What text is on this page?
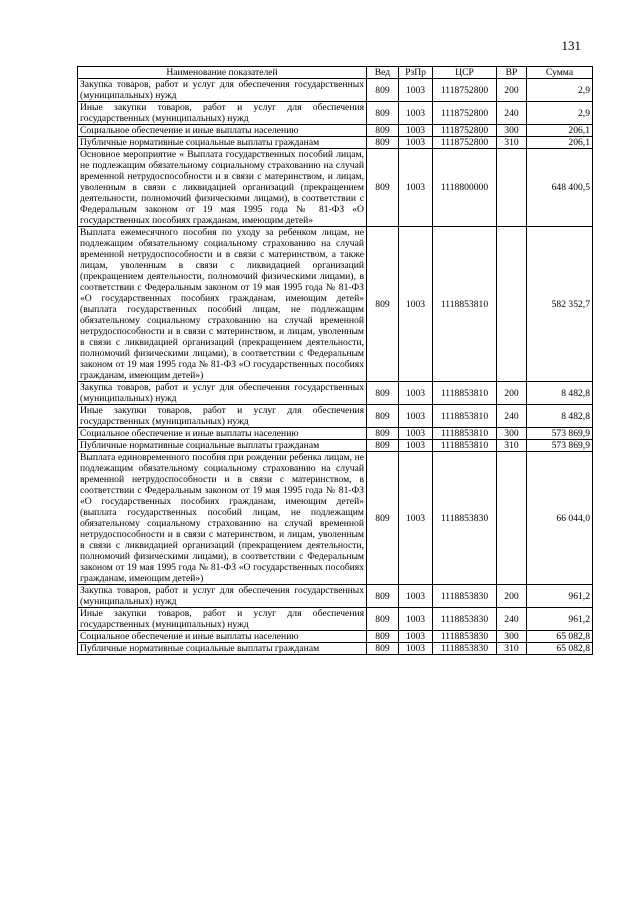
131
Наименование показателей	Вед	РзПр	ЦСР	ВР	Сумма
Закупка товаров, работ и услуг для обеспечения государственных (муниципальных) нужд	809	1003	1118752800	200	2,9
Иные закупки товаров, работ и услуг для обеспечения государственных (муниципальных) нужд	809	1003	1118752800	240	2,9
Социальное обеспечение и иные выплаты населению	809	1003	1118752800	300	206,1
Публичные нормативные социальные выплаты гражданам	809	1003	1118752800	310	206,1
Основное мероприятие « Выплата государственных пособий лицам, не подлежащим обязательному социальному страхованию на случай временной нетрудоспособности и в связи с материнством, и лицам, уволенным в связи с ликвидацией организаций (прекращением деятельности, полномочий физическими лицами), в соответствии с Федеральным законом от 19 мая 1995 года № 81-ФЗ «О государственных пособиях гражданам, имеющим детей»	809	1003	1118800000		648 400,5
Выплата ежемесячного пособия по уходу за ребенком лицам, не подлежащим обязательному социальному страхованию на случай временной нетрудоспособности и в связи с материнством, а также лицам, уволенным в связи с ликвидацией организаций (прекращением деятельности, полномочий физическими лицами), в соответствии с Федеральным законом от 19 мая 1995 года № 81-ФЗ «О государственных пособиях гражданам, имеющим детей» (выплата государственных пособий лицам, не подлежащим обязательному социальному страхованию на случай временной нетрудоспособности и в связи с материнством, и лицам, уволенным в связи с ликвидацией организаций (прекращением деятельности, полномочий физическими лицами), в соответствии с Федеральным законом от 19 мая 1995 года № 81-ФЗ «О государственных пособиях гражданам, имеющим детей»)	809	1003	1118853810		582 352,7
Закупка товаров, работ и услуг для обеспечения государственных (муниципальных) нужд	809	1003	1118853810	200	8 482,8
Иные закупки товаров, работ и услуг для обеспечения государственных (муниципальных) нужд	809	1003	1118853810	240	8 482,8
Социальное обеспечение и иные выплаты населению	809	1003	1118853810	300	573 869,9
Публичные нормативные социальные выплаты гражданам	809	1003	1118853810	310	573 869,9
Выплата единовременного пособия при рождении ребенка лицам, не подлежащим обязательному социальному страхованию на случай временной нетрудоспособности и в связи с материнством, в соответствии с Федеральным законом от 19 мая 1995 года № 81-ФЗ «О государственных пособиях гражданам, имеющим детей» (выплата государственных пособий лицам, не подлежащим обязательному социальному страхованию на случай временной нетрудоспособности и в связи с материнством, и лицам, уволенным в связи с ликвидацией организаций (прекращением деятельности, полномочий физическими лицами), в соответствии с Федеральным законом от 19 мая 1995 года № 81-ФЗ «О государственных пособиях гражданам, имеющим детей»)	809	1003	1118853830		66 044,0
Закупка товаров, работ и услуг для обеспечения государственных (муниципальных) нужд	809	1003	1118853830	200	961,2
Иные закупки товаров, работ и услуг для обеспечения государственных (муниципальных) нужд	809	1003	1118853830	240	961,2
Социальное обеспечение и иные выплаты населению	809	1003	1118853830	300	65 082,8
Публичные нормативные социальные выплаты гражданам	809	1003	1118853830	310	65 082,8
